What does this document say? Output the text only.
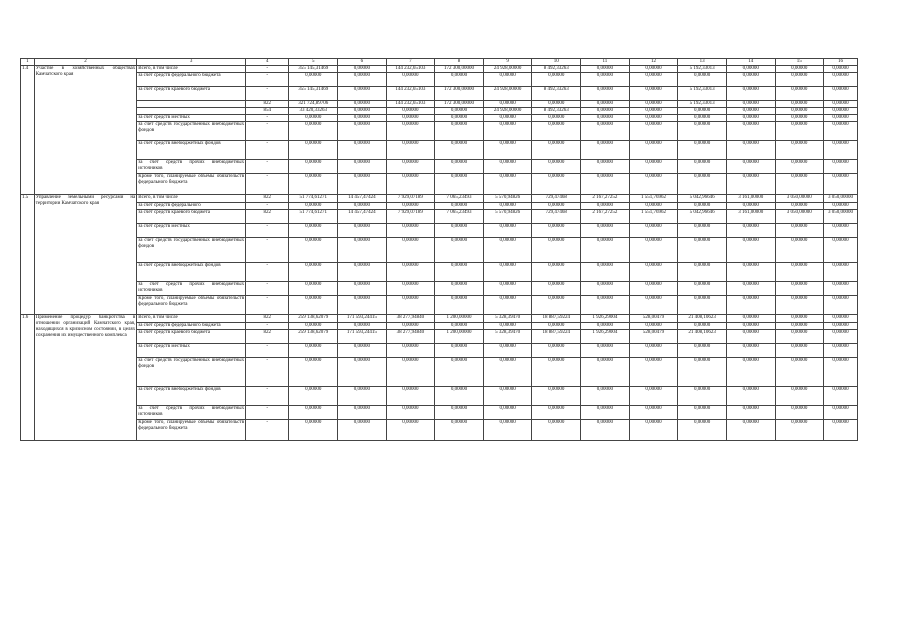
1	2	3	4	5	6	7	8	9	10	11	12	13	14	15	16
1.4	Участие в хозяйственных обществах Камчатского края	Всего, в том числе	-	355 145,31469	0,00000	144 232,65103	172 300,00000	24 928,00000	8 492,33263	0,00000	0,00000	5 192,33013	0,00000	0,00000	0,00000
		за счет средств федерального бюджета	-	0,00000	0,00000	0,00000	0,00000	0,00000	0,00000	0,00000	0,00000	0,00000	0,00000	0,00000	0,00000
		за счет средств краевого бюджета	-	355 145,31469	0,00000	144 232,65103	172 300,00000	24 928,00000	8 492,33263	0,00000	0,00000	5 192,33013	0,00000	0,00000	0,00000
			822	321 724,89706	0,00000	144 232,65103	172 300,00000	0,00000	0,00000	0,00000	0,00000	5 192,33013	0,00000	0,00000	0,00000
			854	33 420,33263	0,00000	0,00000	0,00000	24 928,00000	8 492,33263	0,00000	0,00000	0,00000	0,00000	0,00000	0,00000
		за счет средств местных	-	0,00000	0,00000	0,00000	0,00000	0,00000	0,00000	0,00000	0,00000	0,00000	0,00000	0,00000	0,00000
		за счет средств государственных внебюджетных фондов	-	0,00000	0,00000	0,00000	0,00000	0,00000	0,00000	0,00000	0,00000	0,00000	0,00000	0,00000	0,00000
		за счет средств внебюджетных фондов	-	0,00000	0,00000	0,00000	0,00000	0,00000	0,00000	0,00000	0,00000	0,00000	0,00000	0,00000	0,00000
		за счет средств прочих внебюджетных источников	-	0,00000	0,00000	0,00000	0,00000	0,00000	0,00000	0,00000	0,00000	0,00000	0,00000	0,00000	0,00000
		Кроме того, планируемые объемы обязательств федерального бюджета	-	0,00000	0,00000	0,00000	0,00000	0,00000	0,00000	0,00000	0,00000	0,00000	0,00000	0,00000	0,00000
1.5	Управление земельными ресурсами на территории Камчатского края	Всего, в том числе	822	51 774,61271	14 457,47424	7 929,07189	7 065,23493	5 570,94826	729,47468	2 167,27252	1 551,76962	5 042,96646	3 161,00000	3 050,00000	3 050,00000
		за счет средств федерального	-	0,00000	0,00000	0,00000	0,00000	0,00000	0,00000	0,00000	0,00000	0,00000	0,00000	0,00000	0,00000
		за счет средств краевого бюджета	822	51 774,61271	14 457,47424	7 929,07189	7 065,23493	5 570,94826	729,47468	2 167,27252	1 551,76962	5 042,96646	3 161,00000	3 050,00000	3 050,00000
		за счет средств местных	-	0,00000	0,00000	0,00000	0,00000	0,00000	0,00000	0,00000	0,00000	0,00000	0,00000	0,00000	0,00000
		за счет средств государственных внебюджетных фондов	-	0,00000	0,00000	0,00000	0,00000	0,00000	0,00000	0,00000	0,00000	0,00000	0,00000	0,00000	0,00000
		за счет средств внебюджетных фондов	-	0,00000	0,00000	0,00000	0,00000	0,00000	0,00000	0,00000	0,00000	0,00000	0,00000	0,00000	0,00000
		за счет средств прочих внебюджетных источников	-	0,00000	0,00000	0,00000	0,00000	0,00000	0,00000	0,00000	0,00000	0,00000	0,00000	0,00000	0,00000
		Кроме того, планируемые объемы обязательств федерального бюджета	-	0,00000	0,00000	0,00000	0,00000	0,00000	0,00000	0,00000	0,00000	0,00000	0,00000	0,00000	0,00000
1.6	Применение процедур банкротства в отношении организаций Камчатского края, находящихся в кризисном состоянии, в целях сохранения их имущественного комплекса	Всего, в том числе	822	259 138,62079	171 593,24415	38 277,94840	1 200,00000	5 328,39470	18 887,59224	1 926,29004	528,00479	21 408,10623	0,00000	0,00000	0,00000
		за счет средств федерального бюджета	-	0,00000	0,00000	0,00000	0,00000	0,00000	0,00000	0,00000	0,00000	0,00000	0,00000	0,00000	0,00000
		за счет средств краевого бюджета	822	259 138,62079	171 593,24415	38 277,94840	1 200,00000	5 328,39470	18 887,59224	1 926,29004	528,00479	21 408,10623	0,00000	0,00000	0,00000
		за счет средств местных	-	0,00000	0,00000	0,00000	0,00000	0,00000	0,00000	0,00000	0,00000	0,00000	0,00000	0,00000	0,00000
		за счет средств государственных внебюджетных фондов	-	0,00000	0,00000	0,00000	0,00000	0,00000	0,00000	0,00000	0,00000	0,00000	0,00000	0,00000	0,00000
		за счет средств внебюджетных фондов	-	0,00000	0,00000	0,00000	0,00000	0,00000	0,00000	0,00000	0,00000	0,00000	0,00000	0,00000	0,00000
		за счет средств прочих внебюджетных источников	-	0,00000	0,00000	0,00000	0,00000	0,00000	0,00000	0,00000	0,00000	0,00000	0,00000	0,00000	0,00000
		Кроме того, планируемые объемы обязательств федерального бюджета	-	0,00000	0,00000	0,00000	0,00000	0,00000	0,00000	0,00000	0,00000	0,00000	0,00000	0,00000	0,00000
